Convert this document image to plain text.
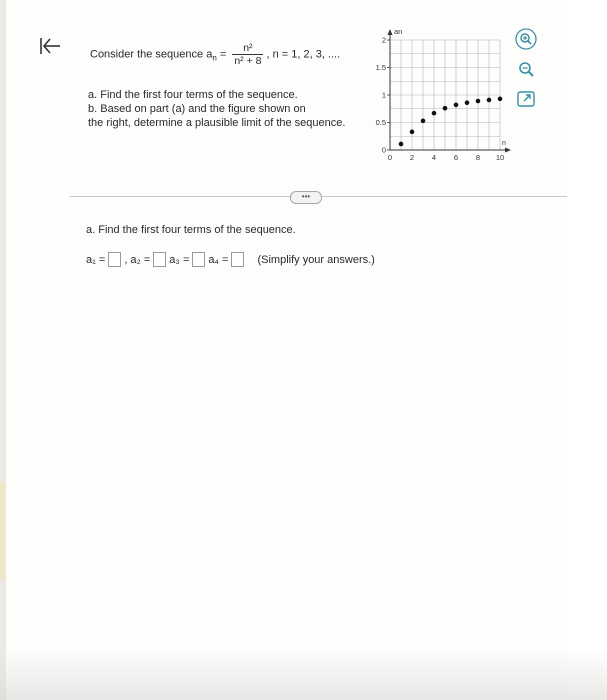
Consider the sequence $a_n = \frac{\text{n²}}{\text{n² + 8}}$ , n = 1, 2, 3, ....
a. Find the first four terms of the sequence.
b. Based on part (a) and the figure shown on
the right, determine a plausible limit of the sequence.
0 2 4 6 8 10
0
0.5
1
1.5
2
an
n
•••
a. Find the first four terms of the sequence.
a₁ = , a₂ = a₃ = a₄ =	(Simplify your answers.)
